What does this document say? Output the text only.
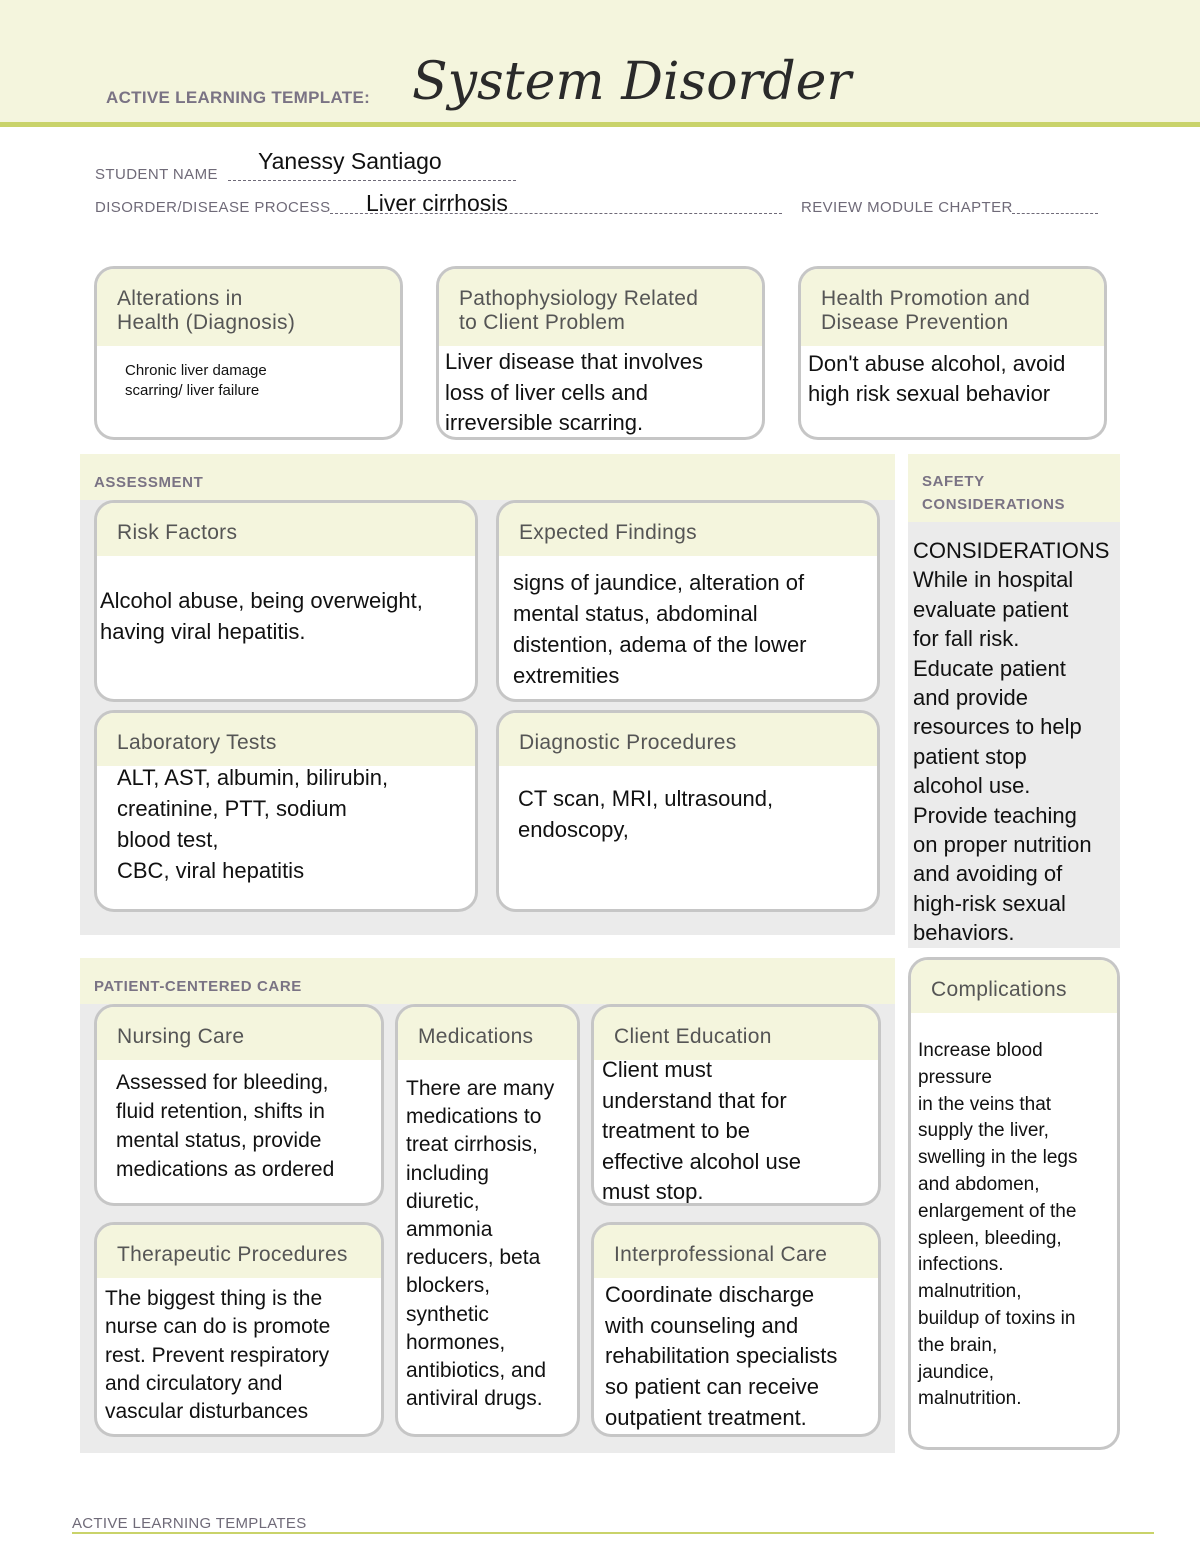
ACTIVE LEARNING TEMPLATE: System Disorder
STUDENT NAME
Yanessy Santiago
DISORDER/DISEASE PROCESS Liver cirrhosis	REVIEW MODULE CHAPTER
Alterations in
Health (Diagnosis)
Chronic liver damage
scarring/ liver failure
Pathophysiology Related
to Client Problem
Liver disease that involves
loss of liver cells and
irreversible scarring.
Health Promotion and
Disease Prevention
Don't abuse alcohol, avoid
high risk sexual behavior
ASSESSMENT
Risk Factors
Alcohol abuse, being overweight,
having viral hepatitis.
Expected Findings
signs of jaundice, alteration of
mental status, abdominal
distention, adema of the lower
extremities
Laboratory Tests
ALT, AST, albumin, bilirubin,
creatinine, PTT, sodium
blood test,
CBC, viral hepatitis
Diagnostic Procedures
CT scan, MRI, ultrasound,
endoscopy,
SAFETY
CONSIDERATIONS
CONSIDERATIONS
While in hospital
evaluate patient
for fall risk.
Educate patient
and provide
resources to help
patient stop
alcohol use.
Provide teaching
on proper nutrition
and avoiding of
high-risk sexual
behaviors.
PATIENT-CENTERED CARE
Nursing Care
Assessed for bleeding,
fluid retention, shifts in
mental status, provide
medications as ordered
Medications
There are many
medications to
treat cirrhosis,
including
diuretic,
ammonia
reducers, beta
blockers,
synthetic
hormones,
antibiotics, and
antiviral drugs.
Client Education
Client must
understand that for
treatment to be
effective alcohol use
must stop.
Therapeutic Procedures
The biggest thing is the
nurse can do is promote
rest. Prevent respiratory
and circulatory and
vascular disturbances
Interprofessional Care
Coordinate discharge
with counseling and
rehabilitation specialists
so patient can receive
outpatient treatment.
Complications
Increase blood
pressure
in the veins that
supply the liver,
swelling in the legs
and abdomen,
enlargement of the
spleen, bleeding,
infections.
malnutrition,
buildup of toxins in
the brain,
jaundice,
malnutrition.
ACTIVE LEARNING TEMPLATES
